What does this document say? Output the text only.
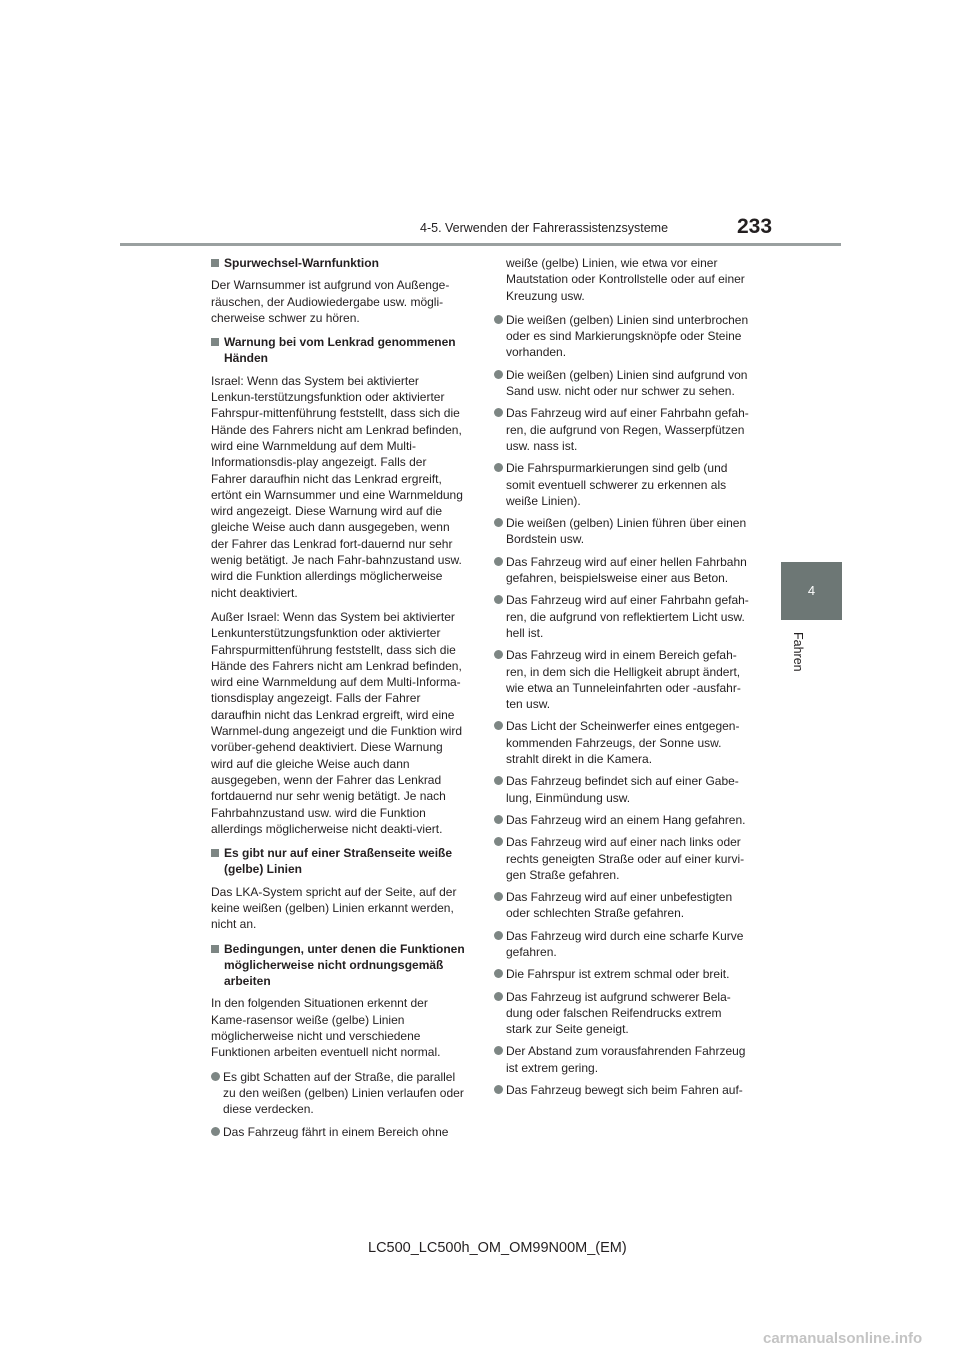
4-5. Verwenden der Fahrerassistenzsysteme	233
4
Fahren
Spurwechsel-Warnfunktion

Der Warnsummer ist aufgrund von Außenge-räuschen, der Audiowiedergabe usw. mögli-cherweise schwer zu hören.

Warnung bei vom Lenkrad genommenen Händen

Israel: Wenn das System bei aktivierter Lenkun-terstützungsfunktion oder aktivierter Fahrspur-mittenführung feststellt, dass sich die Hände des Fahrers nicht am Lenkrad befinden, wird eine Warnmeldung auf dem Multi-Informationsdis-play angezeigt. Falls der Fahrer daraufhin nicht das Lenkrad ergreift, ertönt ein Warnsummer und eine Warnmeldung wird angezeigt. Diese Warnung wird auf die gleiche Weise auch dann ausgegeben, wenn der Fahrer das Lenkrad fort-dauernd nur sehr wenig betätigt. Je nach Fahr-bahnzustand usw. wird die Funktion allerdings möglicherweise nicht deaktiviert.

Außer Israel: Wenn das System bei aktivierter Lenkunterstützungsfunktion oder aktivierter Fahrspurmittenführung feststellt, dass sich die Hände des Fahrers nicht am Lenkrad befinden, wird eine Warnmeldung auf dem Multi-Informa-tionsdisplay angezeigt. Falls der Fahrer daraufhin nicht das Lenkrad ergreift, wird eine Warnmel-dung angezeigt und die Funktion wird vorüber-gehend deaktiviert. Diese Warnung wird auf die gleiche Weise auch dann ausgegeben, wenn der Fahrer das Lenkrad fortdauernd nur sehr wenig betätigt. Je nach Fahrbahnzustand usw. wird die Funktion allerdings möglicherweise nicht deakti-viert.

Es gibt nur auf einer Straßenseite weiße (gelbe) Linien

Das LKA-System spricht auf der Seite, auf der keine weißen (gelben) Linien erkannt werden, nicht an.

Bedingungen, unter denen die Funktionen möglicherweise nicht ordnungsgemäß arbeiten

In den folgenden Situationen erkennt der Kame-rasensor weiße (gelbe) Linien möglicherweise nicht und verschiedene Funktionen arbeiten eventuell nicht normal.

Es gibt Schatten auf der Straße, die parallel zu den weißen (gelben) Linien verlaufen oder diese verdecken.
Das Fahrzeug fährt in einem Bereich ohne

weiße (gelbe) Linien, wie etwa vor einer Mautstation oder Kontrollstelle oder auf einer Kreuzung usw.

Die weißen (gelben) Linien sind unterbrochen oder es sind Markierungsknöpfe oder Steine vorhanden.
Die weißen (gelben) Linien sind aufgrund von Sand usw. nicht oder nur schwer zu sehen.
Das Fahrzeug wird auf einer Fahrbahn gefah-ren, die aufgrund von Regen, Wasserpfützen usw. nass ist.
Die Fahrspurmarkierungen sind gelb (und somit eventuell schwerer zu erkennen als weiße Linien).
Die weißen (gelben) Linien führen über einen Bordstein usw.
Das Fahrzeug wird auf einer hellen Fahrbahn gefahren, beispielsweise einer aus Beton.
Das Fahrzeug wird auf einer Fahrbahn gefah-ren, die aufgrund von reflektiertem Licht usw. hell ist.
Das Fahrzeug wird in einem Bereich gefah-ren, in dem sich die Helligkeit abrupt ändert, wie etwa an Tunneleinfahrten oder -ausfahr-ten usw.
Das Licht der Scheinwerfer eines entgegen-kommenden Fahrzeugs, der Sonne usw. strahlt direkt in die Kamera.
Das Fahrzeug befindet sich auf einer Gabe-lung, Einmündung usw.
Das Fahrzeug wird an einem Hang gefahren.
Das Fahrzeug wird auf einer nach links oder rechts geneigten Straße oder auf einer kurvi-gen Straße gefahren.
Das Fahrzeug wird auf einer unbefestigten oder schlechten Straße gefahren.
Das Fahrzeug wird durch eine scharfe Kurve gefahren.
Die Fahrspur ist extrem schmal oder breit.
Das Fahrzeug ist aufgrund schwerer Bela-dung oder falschen Reifendrucks extrem stark zur Seite geneigt.
Der Abstand zum vorausfahrenden Fahrzeug ist extrem gering.
Das Fahrzeug bewegt sich beim Fahren auf-
LC500_LC500h_OM_OM99N00M_(EM)
carmanualsonline.info
